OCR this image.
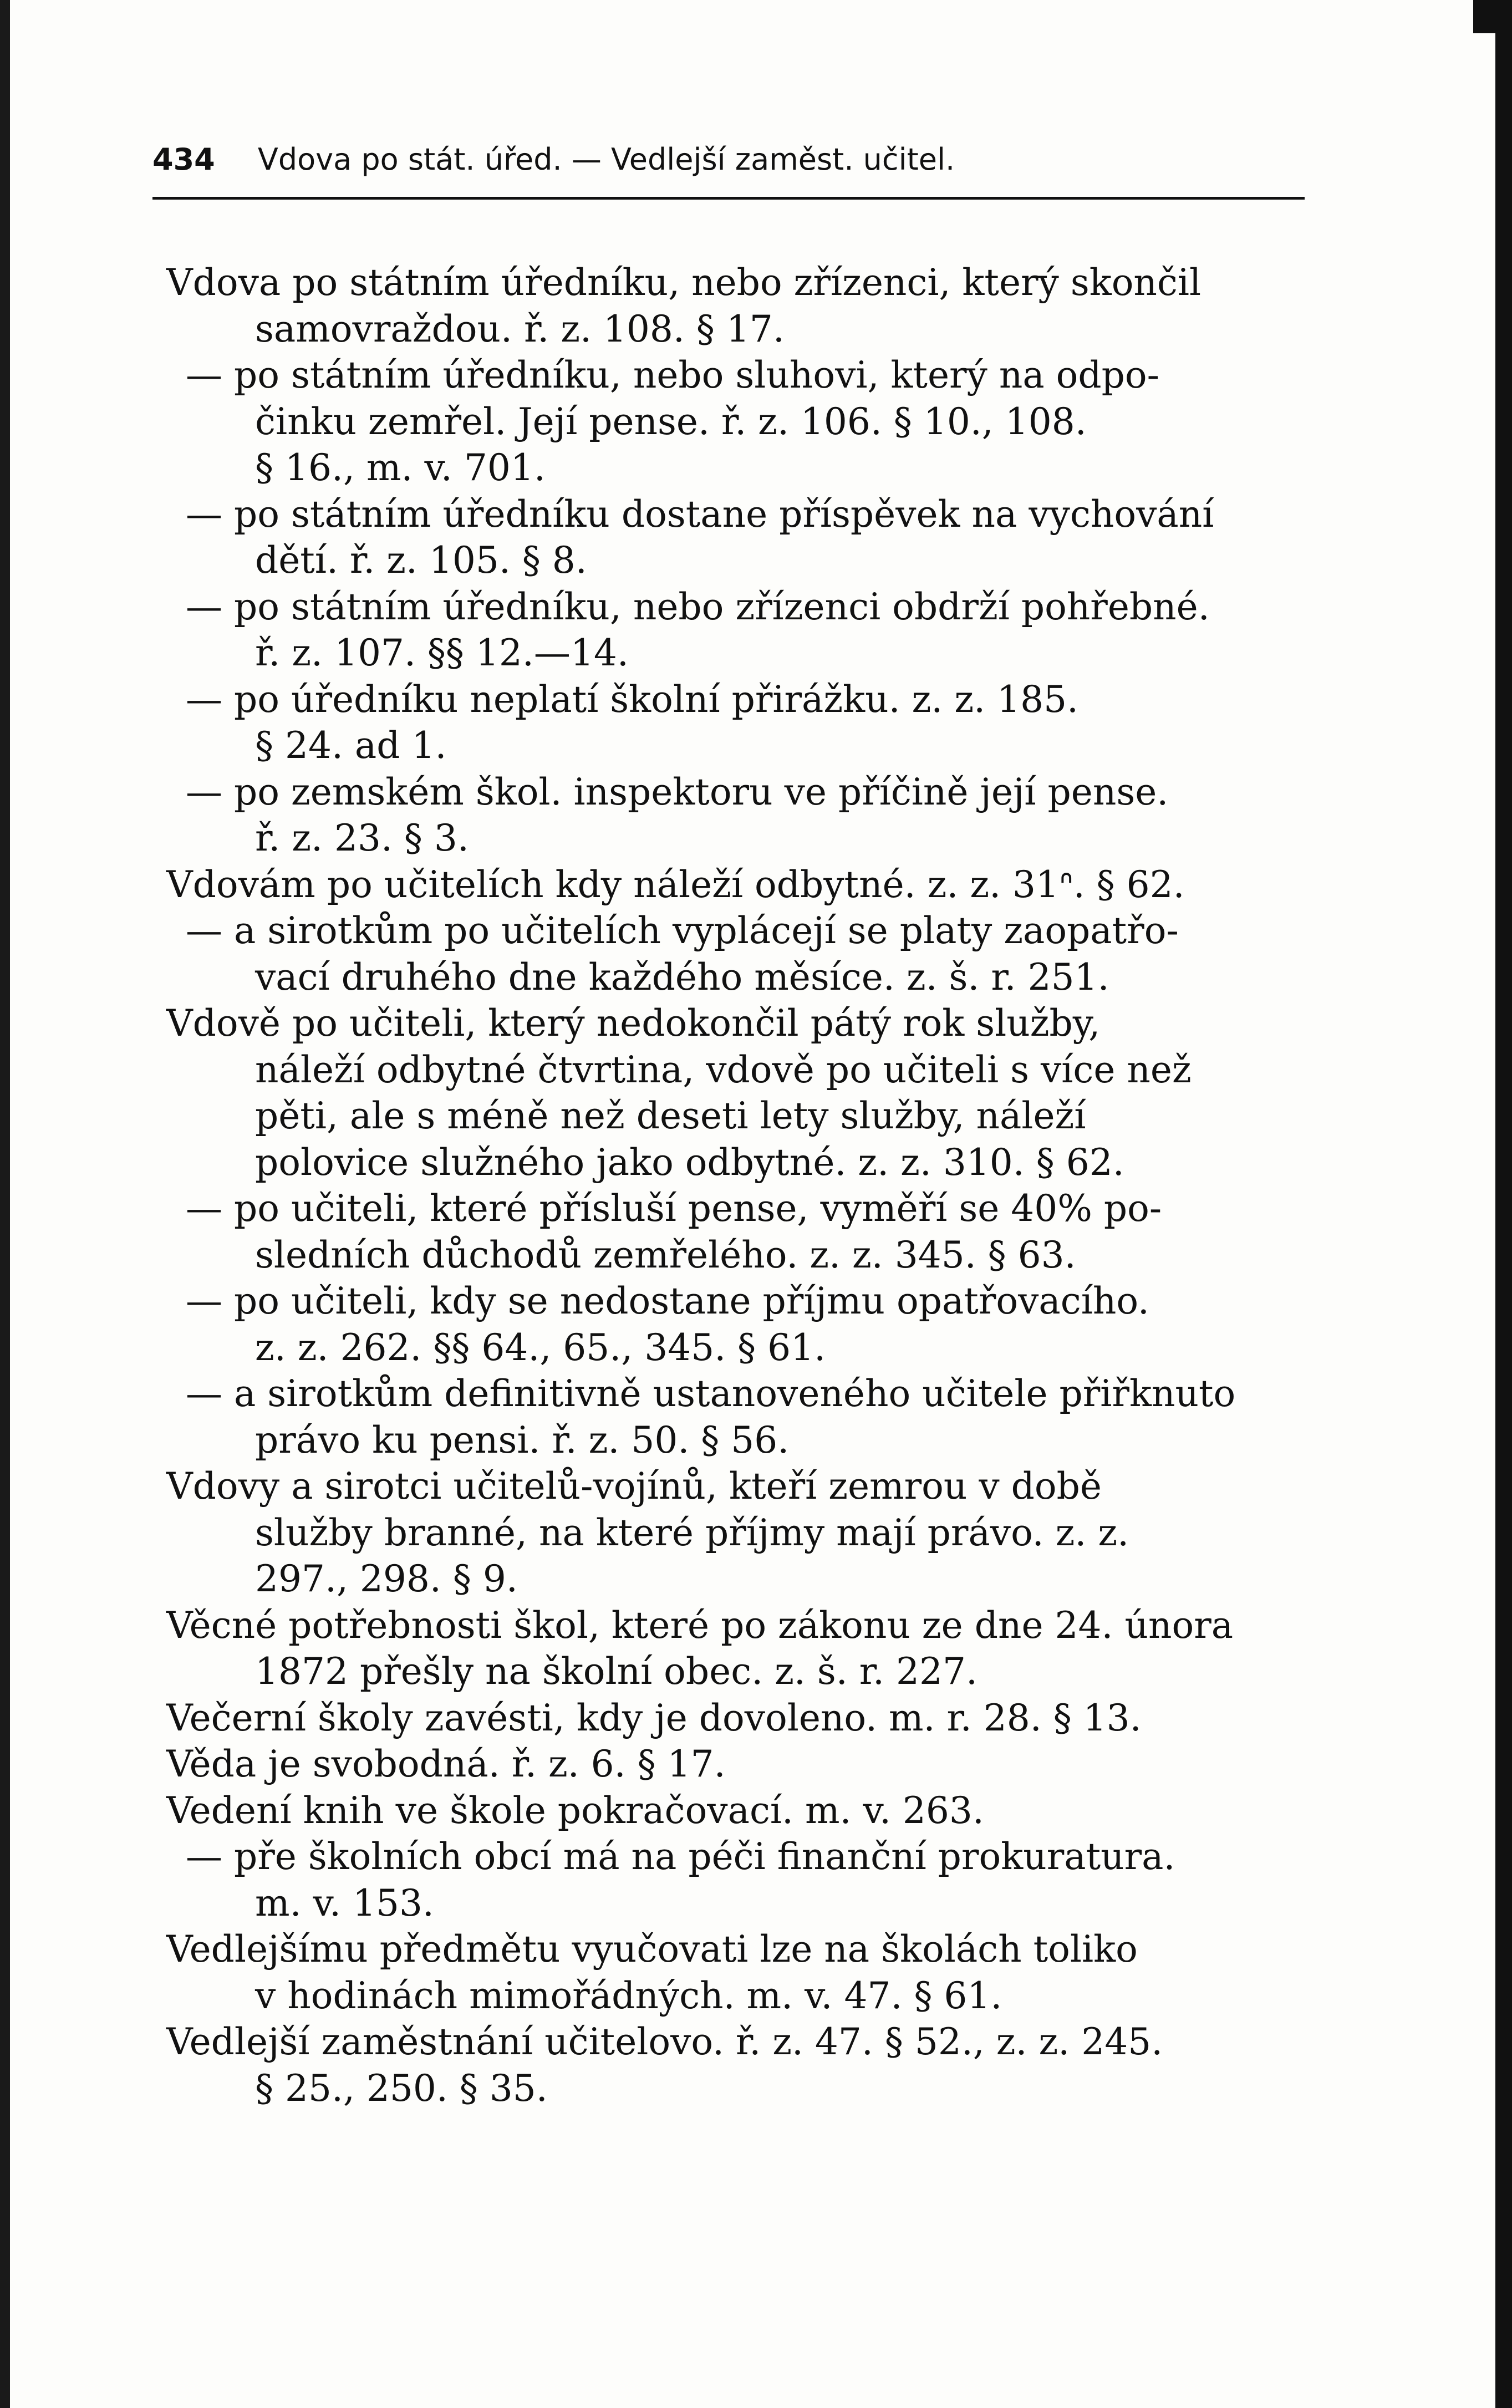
434 Vdova po stát. úřed. — Vedlejší zaměst. učitel.
Vdova po státním úředníku, nebo zřízenci, který skončil
samovraždou. ř. z. 108. § 17.
— po státním úředníku, nebo sluhovi, který na odpo-
činku zemřel. Její pense. ř. z. 106. § 10., 108.
§ 16., m. v. 701.
— po státním úředníku dostane příspěvek na vychování
dětí. ř. z. 105. § 8.
— po státním úředníku, nebo zřízenci obdrží pohřebné.
ř. z. 107. §§ 12.—14.
— po úředníku neplatí školní přirážku. z. z. 185.
§ 24. ad 1.
— po zemském škol. inspektoru ve příčině její pense.
ř. z. 23. § 3.
Vdovám po učitelích kdy náleží odbytné. z. z. 31ᐢ. § 62.
— a sirotkům po učitelích vyplácejí se platy zaopatřo-
vací druhého dne každého měsíce. z. š. r. 251.
Vdově po učiteli, který nedokončil pátý rok služby,
náleží odbytné čtvrtina, vdově po učiteli s více než
pěti, ale s méně než deseti lety služby, náleží
polovice služného jako odbytné. z. z. 310. § 62.
— po učiteli, které přísluší pense, vyměří se 40% po-
sledních důchodů zemřelého. z. z. 345. § 63.
— po učiteli, kdy se nedostane příjmu opatřovacího.
z. z. 262. §§ 64., 65., 345. § 61.
— a sirotkům definitivně ustanoveného učitele přiřknuto
právo ku pensi. ř. z. 50. § 56.
Vdovy a sirotci učitelů-vojínů, kteří zemrou v době
služby branné, na které příjmy mají právo. z. z.
297., 298. § 9.
Věcné potřebnosti škol, které po zákonu ze dne 24. února
1872 přešly na školní obec. z. š. r. 227.
Večerní školy zavésti, kdy je dovoleno. m. r. 28. § 13.
Věda je svobodná. ř. z. 6. § 17.
Vedení knih ve škole pokračovací. m. v. 263.
— pře školních obcí má na péči finanční prokuratura.
m. v. 153.
Vedlejšímu předmětu vyučovati lze na školách toliko
v hodinách mimořádných. m. v. 47. § 61.
Vedlejší zaměstnání učitelovo. ř. z. 47. § 52., z. z. 245.
§ 25., 250. § 35.
